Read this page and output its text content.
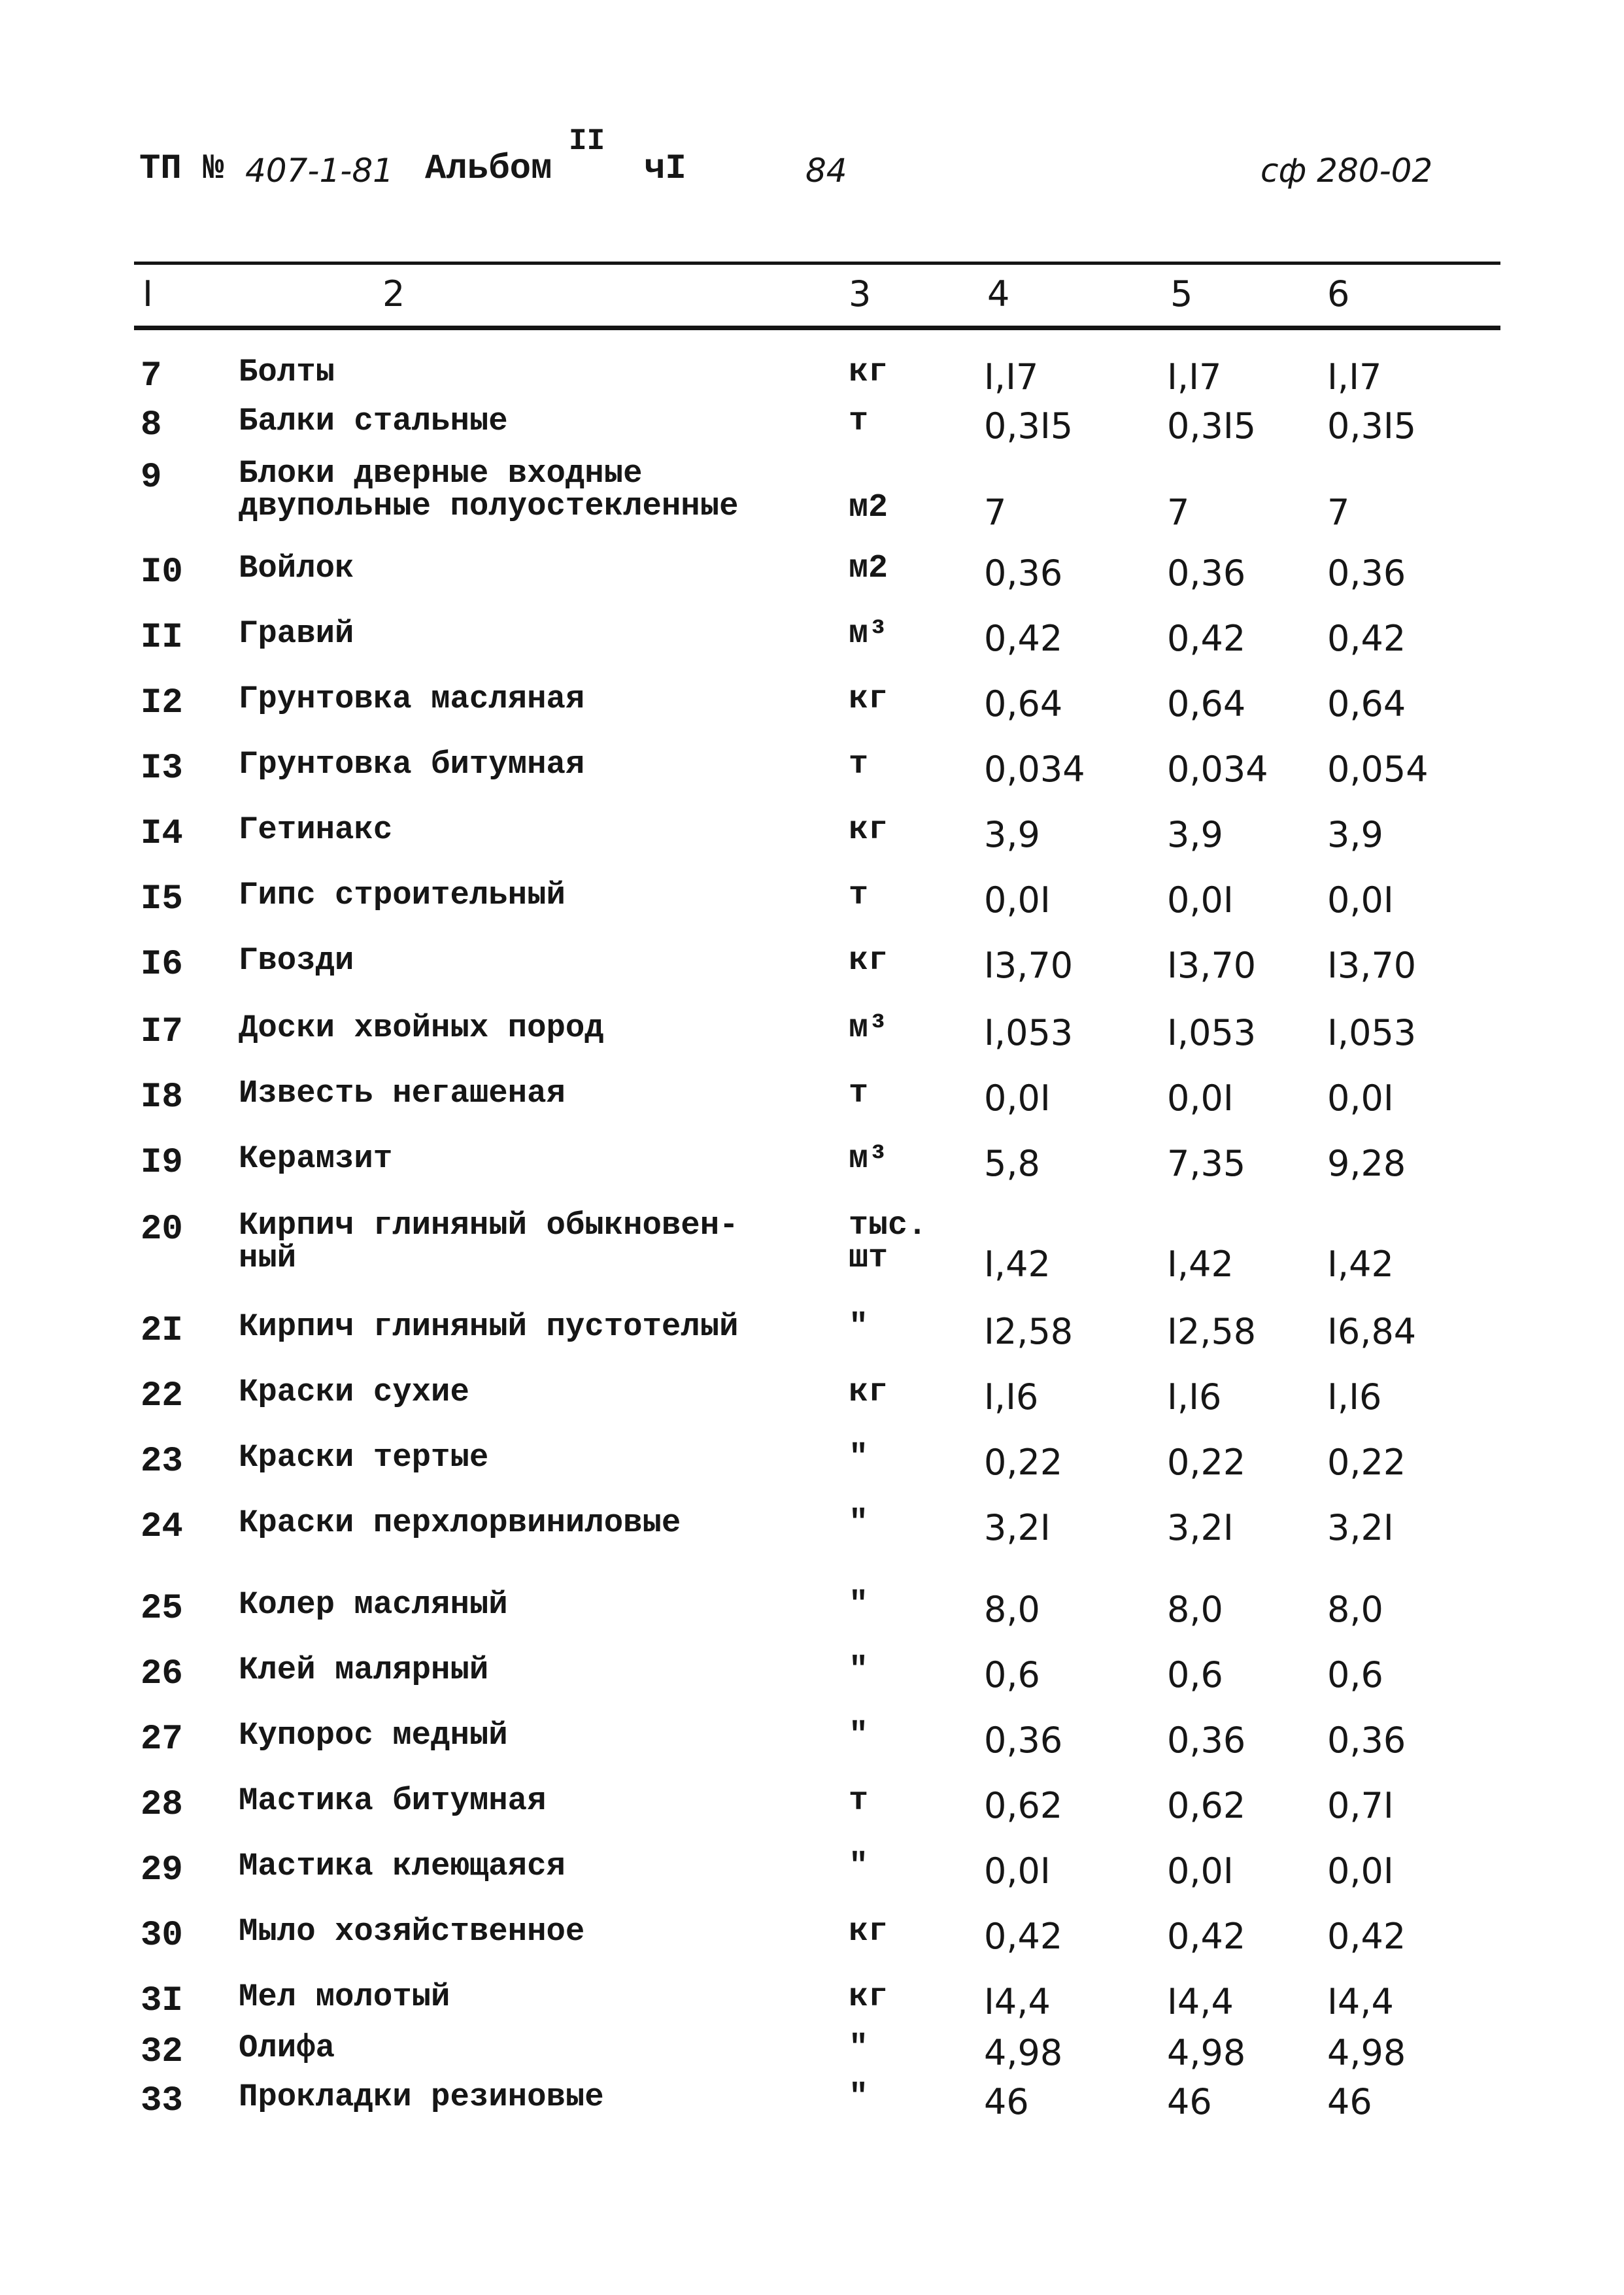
ТП № 407-1-81 Альбом
II
чI	84	сф 280-02
I	2	3	4	5	6
7 Болты	кг	I,I7	I,I7	I,I7
8 Балки стальные	т	0,3I5	0,3I5 0,3I5
9 Блоки дверные входные
двупольные полуостекленные	м2	7	7	7
I0 Войлок	м2	0,36	0,36 0,36
II Гравий	м³	0,42	0,42 0,42
I2 Грунтовка масляная	кг	0,64	0,64 0,64
I3 Грунтовка битумная	т	0,034 0,034 0,054
I4 Гетинакс	кг	3,9	3,9	3,9
I5 Гипс строительный	т	0,0I	0,0I	0,0I
I6 Гвозди	кг	I3,70	I3,70 I3,70
I7 Доски хвойных пород	м³	I,053	I,053 I,053
I8 Известь негашеная	т	0,0I	0,0I	0,0I
I9 Керамзит	м³	5,8	7,35 9,28
20 Кирпич глиняный обыкновен-
ный
тыс.
шт	I,42	I,42	I,42
2I Кирпич глиняный пустотелый	"	I2,58	I2,58 I6,84
22 Краски сухие	кг	I,I6	I,I6	I,I6
23 Краски тертые	"	0,22	0,22 0,22
24 Краски перхлорвиниловые	"	3,2I	3,2I	3,2I
25 Колер масляный	"	8,0	8,0	8,0
26 Клей малярный	"	0,6	0,6	0,6
27 Купорос медный	"	0,36	0,36 0,36
28 Мастика битумная	т	0,62	0,62 0,7I
29 Мастика клеющаяся	"	0,0I	0,0I	0,0I
30 Мыло хозяйственное	кг	0,42	0,42 0,42
3I Мел молотый	кг	I4,4	I4,4	I4,4
32 Олифа	"	4,98	4,98 4,98
33 Прокладки резиновые	"	46	46	46
